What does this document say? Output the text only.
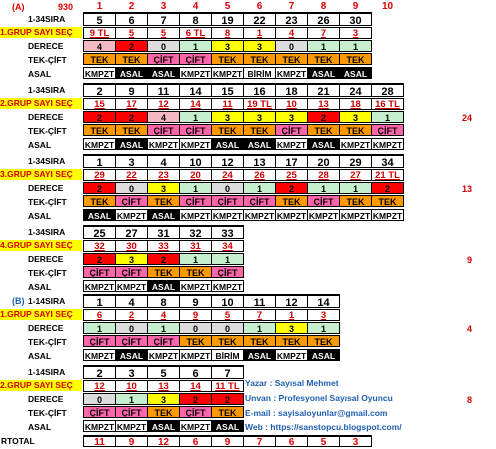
(A)	930	1	2	3	4	5	6	7	8	9	10
1-34SIRA	5	6	7	8	19	22	23	26	30
1.GRUP SAYI SEÇ	9 TL	5	5	6 TL	8	1	4	7	3
DERECE	4	2	0	1	3	3	0	1	1
TEK-ÇİFT	TEK	TEK	ÇİFT	ÇİFT	TEK	TEK	TEK	TEK	TEK
ASAL	KMPZT ASAL	ASAL KMPZT KMPZT BİRİM KMPZT ASAL	ASAL
1-34SIRA	2	9	11	14	15	16	18	21	24	28
2.GRUP SAYI SEÇ	15	17	12	14	11	19 TL	10	13	18	16 TL
DERECE	2	2	4	1	3	3	3	2	3	1
TEK-ÇİFT	TEK	TEK	ÇİFT	ÇİFT	TEK	TEK	ÇİFT	TEK	TEK	ÇİFT
ASAL	KMPZT ASAL KMPZT KMPZT ASAL	ASAL KMPZT ASAL KMPZT KMPZT
24
1-34SIRA	1	3	4	10	12	13	17	20	29	34
3.GRUP SAYI SEÇ	29	22	23	20	24	26	25	28	27	21 TL
DERECE	2	0	3	1	0	1	2	1	1	2
TEK-ÇİFT	TEK	ÇİFT	TEK	ÇİFT	ÇİFT	ÇİFT	TEK	ÇİFT	TEK	TEK
ASAL	ASAL KMPZT ASAL KMPZT KMPZT KMPZT KMPZT KMPZT KMPZT KMPZT
13
1-34SIRA	25	27	31	32	33
4.GRUP SAYI SEÇ	32	30	33	31	34
DERECE	2	3	2	1	1
TEK-ÇİFT	ÇİFT	ÇİFT	TEK	TEK	ÇİFT
ASAL	KMPZT KMPZT ASAL KMPZT KMPZT
9
(B) 1-14SIRA	1	4	8	9	10	11	12	14
1.GRUP SAYI SEÇ	6	2	4	9	5	7	1	3
DERECE	1	0	1	0	0	1	3	1
TEK-ÇİFT	ÇİFT	ÇİFT	ÇİFT	TEK	TEK	TEK	TEK	TEK
ASAL	KMPZT ASAL KMPZT KMPZT BİRİM ASAL KMPZT ASAL
4
1-14SIRA	2	3	5	6	7
2.GRUP SAYI SEÇ	12	10	13	14	11 TL
DERECE	0	1	3	2	2
TEK-ÇİFT	ÇİFT	ÇİFT	TEK	ÇİFT	TEK
ASAL	KMPZT KMPZT ASAL KMPZT ASAL
8
RTOTAL	11	9	12	6	9	7	6	5	3
Yazar : Sayısal Mehmet
Unvan : Profesyonel Sayısal Oyuncu
E-mail : sayisaloyunlar@gmail.com
Web : https://sanstopcu.blogspot.com/
